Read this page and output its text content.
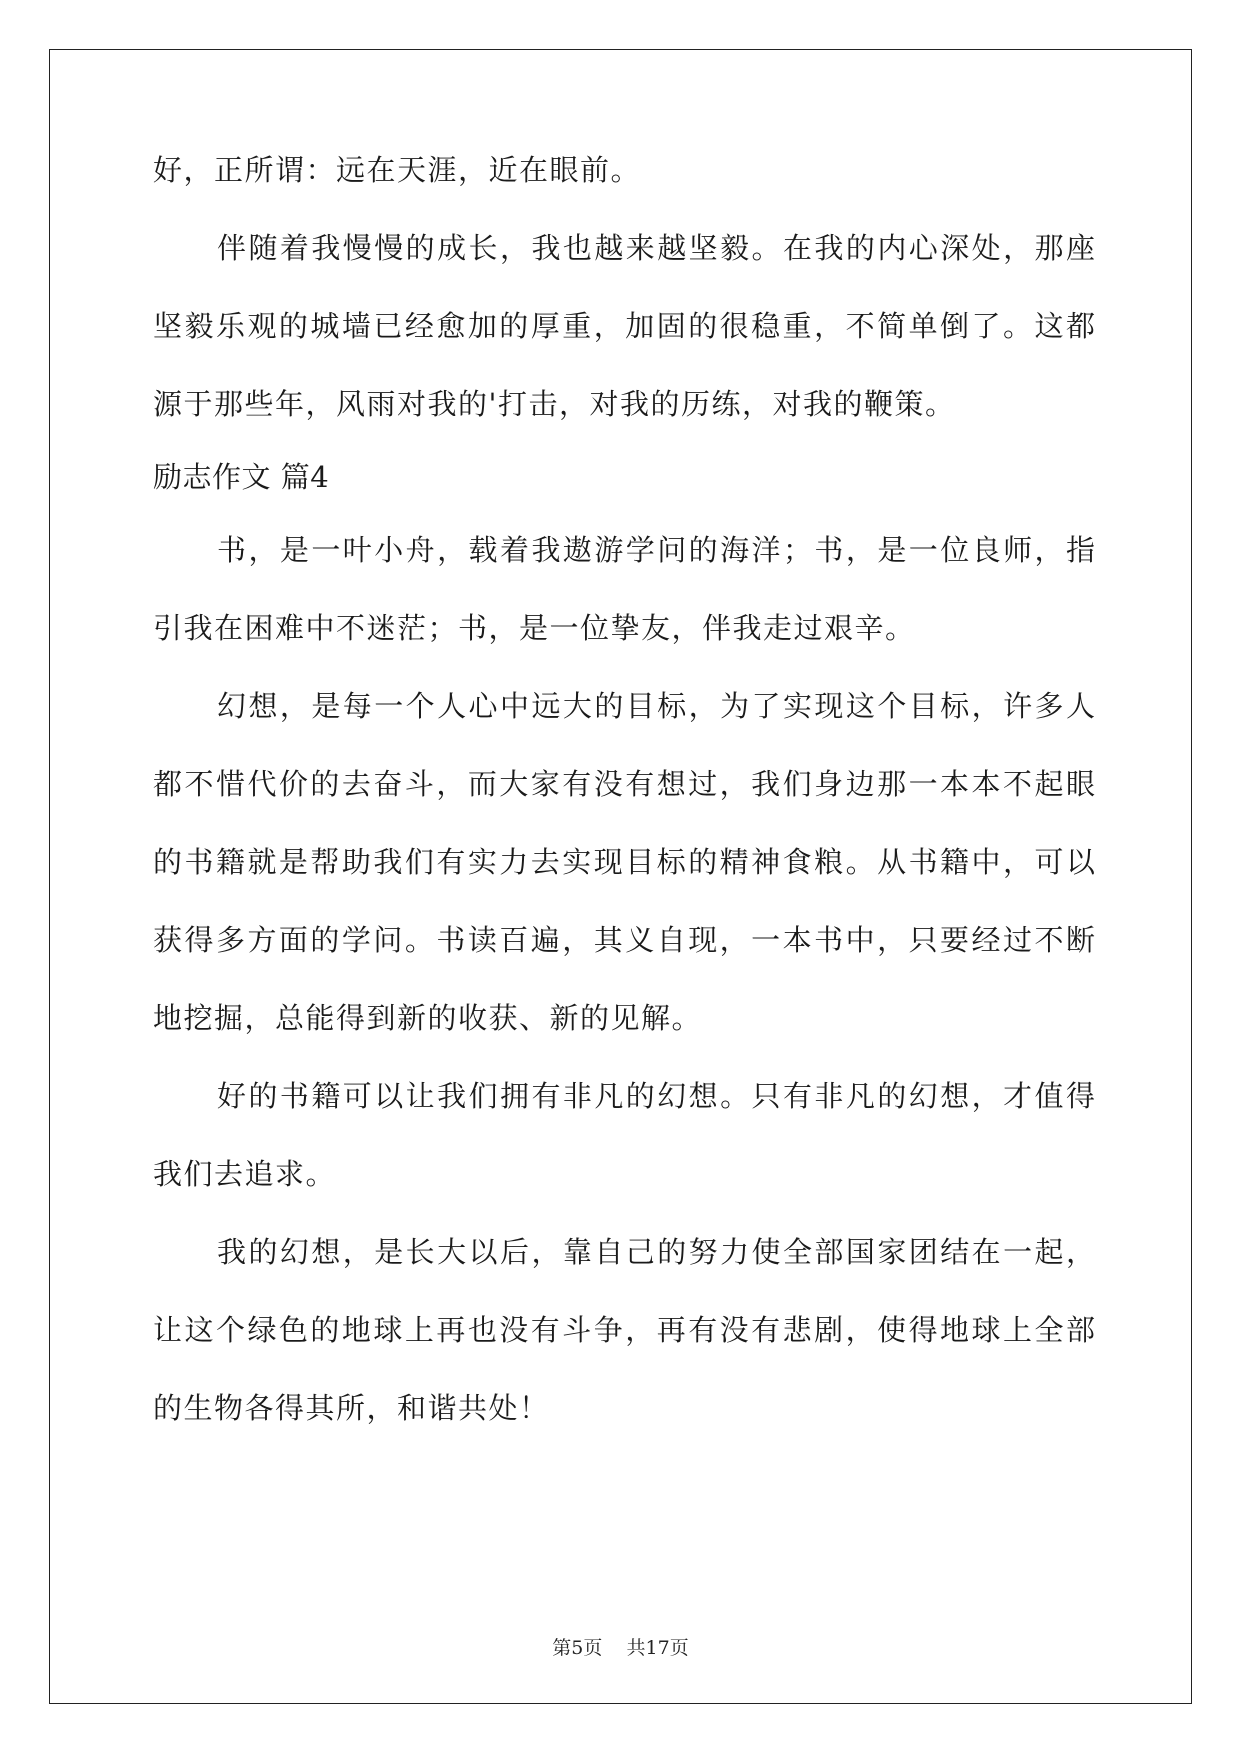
好，正所谓：远在天涯，近在眼前。
伴随着我慢慢的成长，我也越来越坚毅。在我的内心深处，那座
坚毅乐观的城墙已经愈加的厚重，加固的很稳重，不简单倒了。这都
源于那些年，风雨对我的'打击，对我的历练，对我的鞭策。
励志作文 篇4
书，是一叶小舟，载着我遨游学问的海洋；书，是一位良师，指
引我在困难中不迷茫；书，是一位挚友，伴我走过艰辛。
幻想，是每一个人心中远大的目标，为了实现这个目标，许多人
都不惜代价的去奋斗，而大家有没有想过，我们身边那一本本不起眼
的书籍就是帮助我们有实力去实现目标的精神食粮。从书籍中，可以
获得多方面的学问。书读百遍，其义自现，一本书中，只要经过不断
地挖掘，总能得到新的收获、新的见解。
好的书籍可以让我们拥有非凡的幻想。只有非凡的幻想，才值得
我们去追求。
我的幻想，是长大以后，靠自己的努力使全部国家团结在一起，
让这个绿色的地球上再也没有斗争，再有没有悲剧，使得地球上全部
的生物各得其所，和谐共处！
第5页 共17页
